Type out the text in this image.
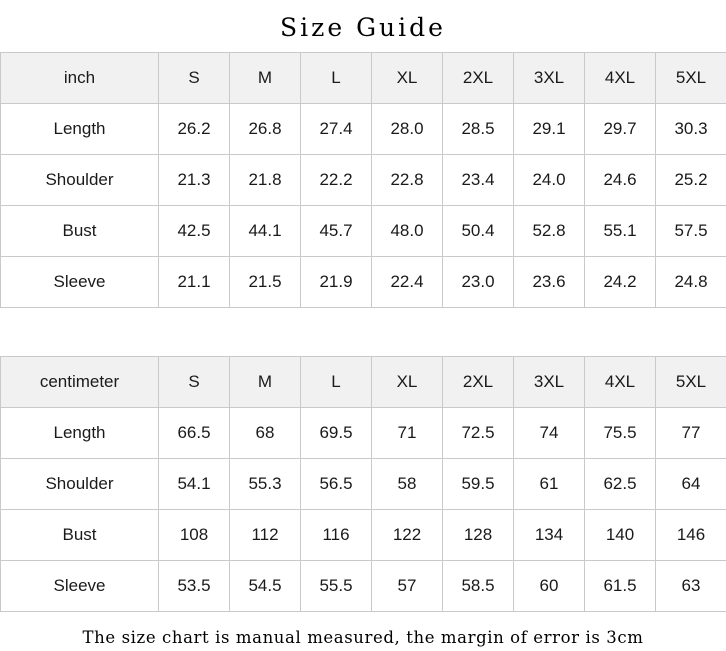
Size Guide
inch	S	M	L	XL	2XL	3XL	4XL	5XL
Length	26.2	26.8	27.4	28.0	28.5	29.1	29.7	30.3
Shoulder	21.3	21.8	22.2	22.8	23.4	24.0	24.6	25.2
Bust	42.5	44.1	45.7	48.0	50.4	52.8	55.1	57.5
Sleeve	21.1	21.5	21.9	22.4	23.0	23.6	24.2	24.8
centimeter	S	M	L	XL	2XL	3XL	4XL	5XL
Length	66.5	68	69.5	71	72.5	74	75.5	77
Shoulder	54.1	55.3	56.5	58	59.5	61	62.5	64
Bust	108	112	116	122	128	134	140	146
Sleeve	53.5	54.5	55.5	57	58.5	60	61.5	63
The size chart is manual measured, the margin of error is 3cm
